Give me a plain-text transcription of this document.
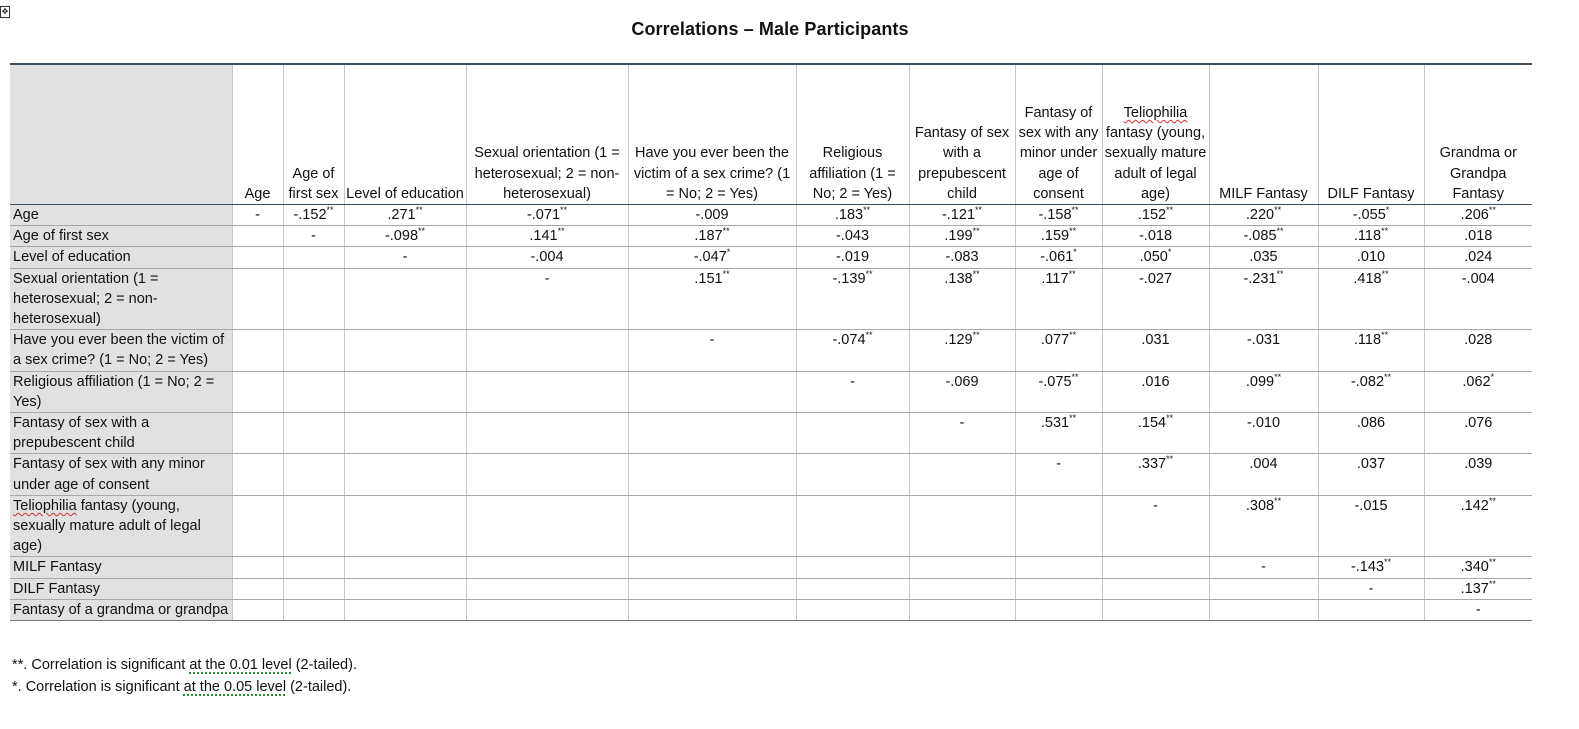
✥
Correlations – Male Participants
	Age	Age of first sex	Level of education	Sexual orientation (1 = heterosexual; 2 = non-heterosexual)	Have you ever been the victim of a sex crime? (1 = No; 2 = Yes)	Religious affiliation (1 = No; 2 = Yes)	Fantasy of sex with a prepubescent child	Fantasy of sex with any minor under age of consent	Teliophilia fantasy (young, sexually mature adult of legal age)	MILF Fantasy	DILF Fantasy	Grandma or Grandpa Fantasy
Age	-	-.152**	.271**	-.071**	-.009	.183**	-.121**	-.158**	.152**	.220**	-.055*	.206**
Age of first sex		-	-.098**	.141**	.187**	-.043	.199**	.159**	-.018	-.085**	.118**	.018
Level of education			-	-.004	-.047*	-.019	-.083	-.061*	.050*	.035	.010	.024
Sexual orientation (1 = heterosexual; 2 = non-heterosexual)				-	.151**	-.139**	.138**	.117**	-.027	-.231**	.418**	-.004
Have you ever been the victim of a sex crime? (1 = No; 2 = Yes)					-	-.074**	.129**	.077**	.031	-.031	.118**	.028
Religious affiliation (1 = No; 2 = Yes)						-	-.069	-.075**	.016	.099**	-.082**	.062*
Fantasy of sex with a prepubescent child							-	.531**	.154**	-.010	.086	.076
Fantasy of sex with any minor under age of consent								-	.337**	.004	.037	.039
Teliophilia fantasy (young, sexually mature adult of legal age)									-	.308**	-.015	.142**
MILF Fantasy										-	-.143**	.340**
DILF Fantasy											-	.137**
Fantasy of a grandma or grandpa												-
**. Correlation is significant at the 0.01 level (2-tailed).
*. Correlation is significant at the 0.05 level (2-tailed).
